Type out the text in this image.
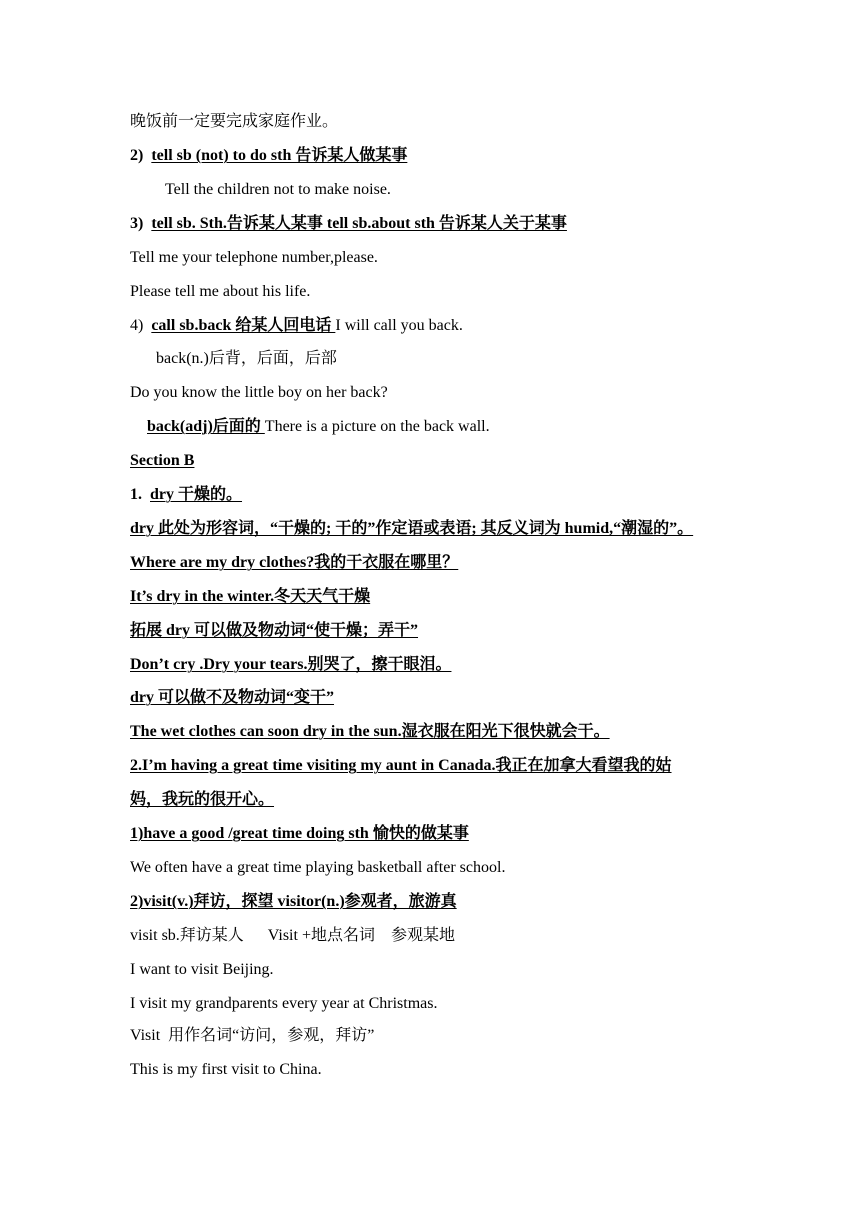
晚饭前一定要完成家庭作业。
2) tell sb (not) to do sth 告诉某人做某事
Tell the children not to make noise.
3) tell sb. Sth.告诉某人某事 tell sb.about sth 告诉某人关于某事
Tell me your telephone number,please.
Please tell me about his life.
4) call sb.back 给某人回电话 I will call you back.
back(n.)后背，后面，后部
Do you know the little boy on her back?
back(adj)后面的 There is a picture on the back wall.
Section B
1. dry 干燥的。
dry 此处为形容词，“干燥的; 干的”作定语或表语; 其反义词为 humid,“潮湿的”。
Where are my dry clothes?我的干衣服在哪里？
It’s dry in the winter.冬天天气干燥
拓展 dry 可以做及物动词“使干燥；弄干”
Don’t cry .Dry your tears.别哭了，擦干眼泪。
dry 可以做不及物动词“变干”
The wet clothes can soon dry in the sun.湿衣服在阳光下很快就会干。
2.I’m having a great time visiting my aunt in Canada.我正在加拿大看望我的姑
妈，我玩的很开心。
1)have a good /great time doing sth 愉快的做某事
We often have a great time playing basketball after school.
2)visit(v.)拜访，探望 visitor(n.)参观者，旅游真
visit sb.拜访某人      Visit +地点名词    参观某地
I want to visit Beijing.
I visit my grandparents every year at Christmas.
Visit  用作名词“访问，参观，拜访”
This is my first visit to China.
